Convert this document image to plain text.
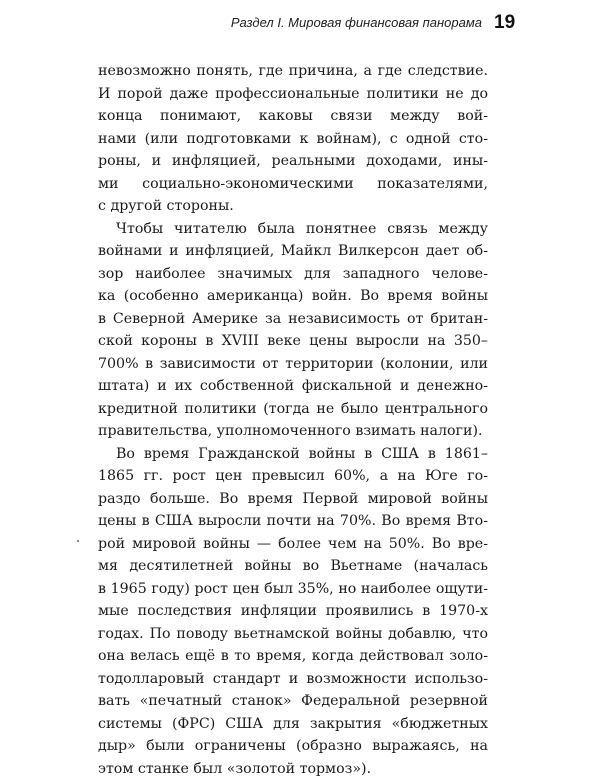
Раздел I. Мировая финансовая панорама 19
невозможно понять, где причина, а где следствие.
И порой даже профессиональные политики не до
конца понимают, каковы связи между вой-
нами (или подготовками к войнам), с одной сто-
роны, и инфляцией, реальными доходами, ины-
ми социально-экономическими показателями,
с другой стороны.
Чтобы читателю была понятнее связь между
войнами и инфляцией, Майкл Вилкерсон дает об-
зор наиболее значимых для западного челове-
ка (особенно американца) войн. Во время войны
в Северной Америке за независимость от британ-
ской короны в XVIII веке цены выросли на 350–
700% в зависимости от территории (колонии, или
штата) и их собственной фискальной и денежно-
кредитной политики (тогда не было центрального
правительства, уполномоченного взимать налоги).
Во время Гражданской войны в США в 1861–
1865 гг. рост цен превысил 60%, а на Юге го-
раздо больше. Во время Первой мировой войны
цены в США выросли почти на 70%. Во время Вто-
рой мировой войны — более чем на 50%. Во вре-
мя десятилетней войны во Вьетнаме (началась
в 1965 году) рост цен был 35%, но наиболее ощути-
мые последствия инфляции проявились в 1970-х
годах. По поводу вьетнамской войны добавлю, что
она велась ещё в то время, когда действовал золо-
тодолларовый стандарт и возможности использо-
вать «печатный станок» Федеральной резервной
системы (ФРС) США для закрытия «бюджетных
дыр» были ограничены (образно выражаясь, на
этом станке был «золотой тормоз»).
